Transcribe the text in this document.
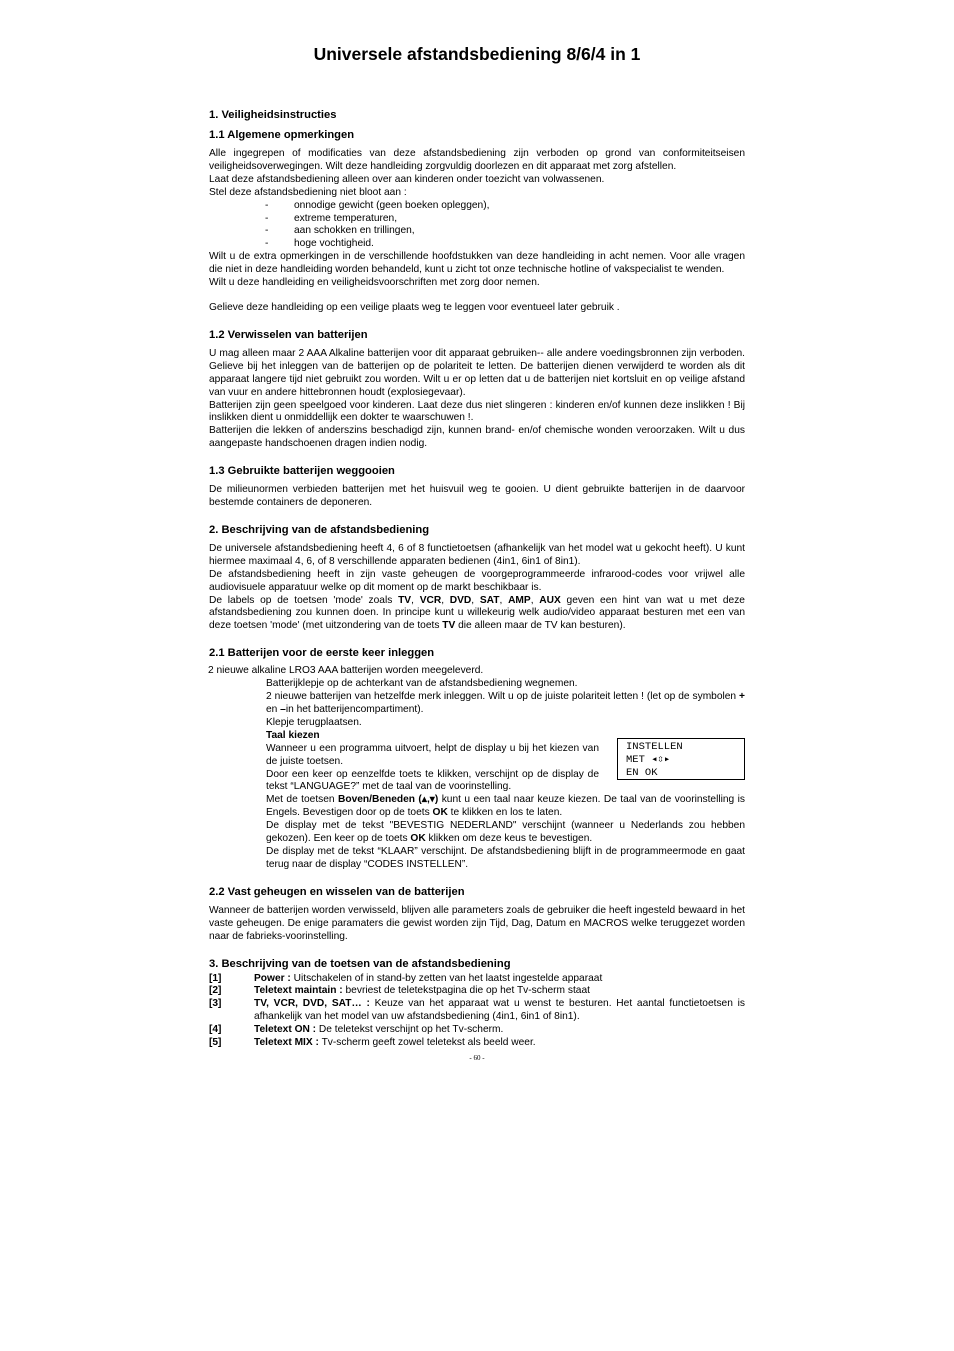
Universele afstandsbediening 8/6/4 in 1
1. Veiligheidsinstructies
1.1 Algemene opmerkingen

Alle ingegrepen of modificaties van deze afstandsbediening zijn verboden op grond van conformiteitseisen veiligheidsoverwegingen. Wilt deze handleiding zorgvuldig doorlezen en dit apparaat met zorg afstellen.

Laat deze afstandsbediening alleen over aan kinderen onder toezicht van volwassenen.

Stel deze afstandsbediening niet bloot aan :

- onnodige gewicht (geen boeken opleggen),
- extreme temperaturen,
- aan schokken en trillingen,
- hoge vochtigheid.

Wilt u de extra opmerkingen in de verschillende hoofdstukken van deze handleiding in acht nemen. Voor alle vragen die niet in deze handleiding worden behandeld, kunt u zicht tot onze technische hotline of vakspecialist te wenden.

Wilt u deze handleiding en veiligheidsvoorschriften met zorg door nemen.

Gelieve deze handleiding op een veilige plaats weg te leggen voor eventueel later gebruik .

1.2 Verwisselen van batterijen

U mag alleen maar 2 AAA Alkaline batterijen voor dit apparaat gebruiken-- alle andere voedingsbronnen zijn verboden. Gelieve bij het inleggen van de batterijen op de polariteit te letten. De batterijen dienen verwijderd te worden als dit apparaat langere tijd niet gebruikt zou worden. Wilt u er op letten dat u de batterijen niet kortsluit en op veilige afstand van vuur en andere hittebronnen houdt (explosiegevaar).

Batterijen zijn geen speelgoed voor kinderen. Laat deze dus niet slingeren : kinderen en/of kunnen deze inslikken ! Bij inslikken dient u onmiddellijk een dokter te waarschuwen !.

Batterijen die lekken of anderszins beschadigd zijn, kunnen brand- en/of chemische wonden veroorzaken. Wilt u dus aangepaste handschoenen dragen indien nodig.

1.3 Gebruikte batterijen weggooien

De milieunormen verbieden batterijen met het huisvuil weg te gooien. U dient gebruikte batterijen in de daarvoor bestemde containers de deponeren.

2. Beschrijving van de afstandsbediening

De universele afstandsbediening heeft 4, 6 of 8 functietoetsen (afhankelijk van het model wat u gekocht heeft). U kunt hiermee maximaal 4, 6, of 8 verschillende apparaten bedienen (4in1, 6in1 of 8in1).

De afstandsbediening heeft in zijn vaste geheugen de voorgeprogrammeerde infrarood-codes voor vrijwel alle audiovisuele apparatuur welke op dit moment op de markt beschikbaar is.

De labels op de toetsen 'mode' zoals TV, VCR, DVD, SAT, AMP, AUX geven een hint van wat u met deze afstandsbediening zou kunnen doen. In principe kunt u willekeurig welk audio/video apparaat besturen met een van deze toetsen 'mode' (met uitzondering van de toets TV die alleen maar de TV kan besturen).

2.1 Batterijen voor de eerste keer inleggen

2 nieuwe alkaline LRO3 AAA batterijen worden meegeleverd.

Batterijklepje op de achterkant van de afstandsbediening wegnemen.

2 nieuwe batterijen van hetzelfde merk inleggen. Wilt u op de juiste polariteit letten ! (let op de symbolen + en –in het batterijencompartiment).

Klepje terugplaatsen.

Taal kiezen

Wanneer u een programma uitvoert, helpt de display u bij het kiezen van de juiste toetsen.

Door een keer op eenzelfde toets te klikken, verschijnt op de display de tekst “LANGUAGE?” met de taal van de voorinstelling.

INSTELLEN
MET ◂⇳▸
EN OK

Met de toetsen Boven/Beneden (▴,▾) kunt u een taal naar keuze kiezen. De taal van de voorinstelling is Engels. Bevestigen door op de toets OK te klikken en los te laten.

De display met de tekst "BEVESTIG NEDERLAND" verschijnt (wanneer u Nederlands zou hebben gekozen). Een keer op de toets OK klikken om deze keus te bevestigen.

De display met de tekst “KLAAR” verschijnt. De afstandsbediening blijft in de programmeermode en gaat terug naar de display “CODES INSTELLEN”.

2.2 Vast geheugen en wisselen van de batterijen

Wanneer de batterijen worden verwisseld, blijven alle parameters zoals de gebruiker die heeft ingesteld bewaard in het vaste geheugen. De enige paramaters die gewist worden zijn Tijd, Dag, Datum en MACROS welke teruggezet worden naar de fabrieks-voorinstelling.

3. Beschrijving van de toetsen van de afstandsbediening
[1]	Power : Uitschakelen of in stand-by zetten van het laatst ingestelde apparaat
[2]	Teletext maintain : bevriest de teletekstpagina die op het Tv-scherm staat
[3]	TV, VCR, DVD, SAT… : Keuze van het apparaat wat u wenst te besturen. Het aantal functietoetsen is afhankelijk van het model van uw afstandsbediening (4in1, 6in1 of 8in1).
[4]	Teletext ON : De teletekst verschijnt op het Tv-scherm.
[5]	Teletext MIX : Tv-scherm geeft zowel teletekst als beeld weer.
- 60 -
